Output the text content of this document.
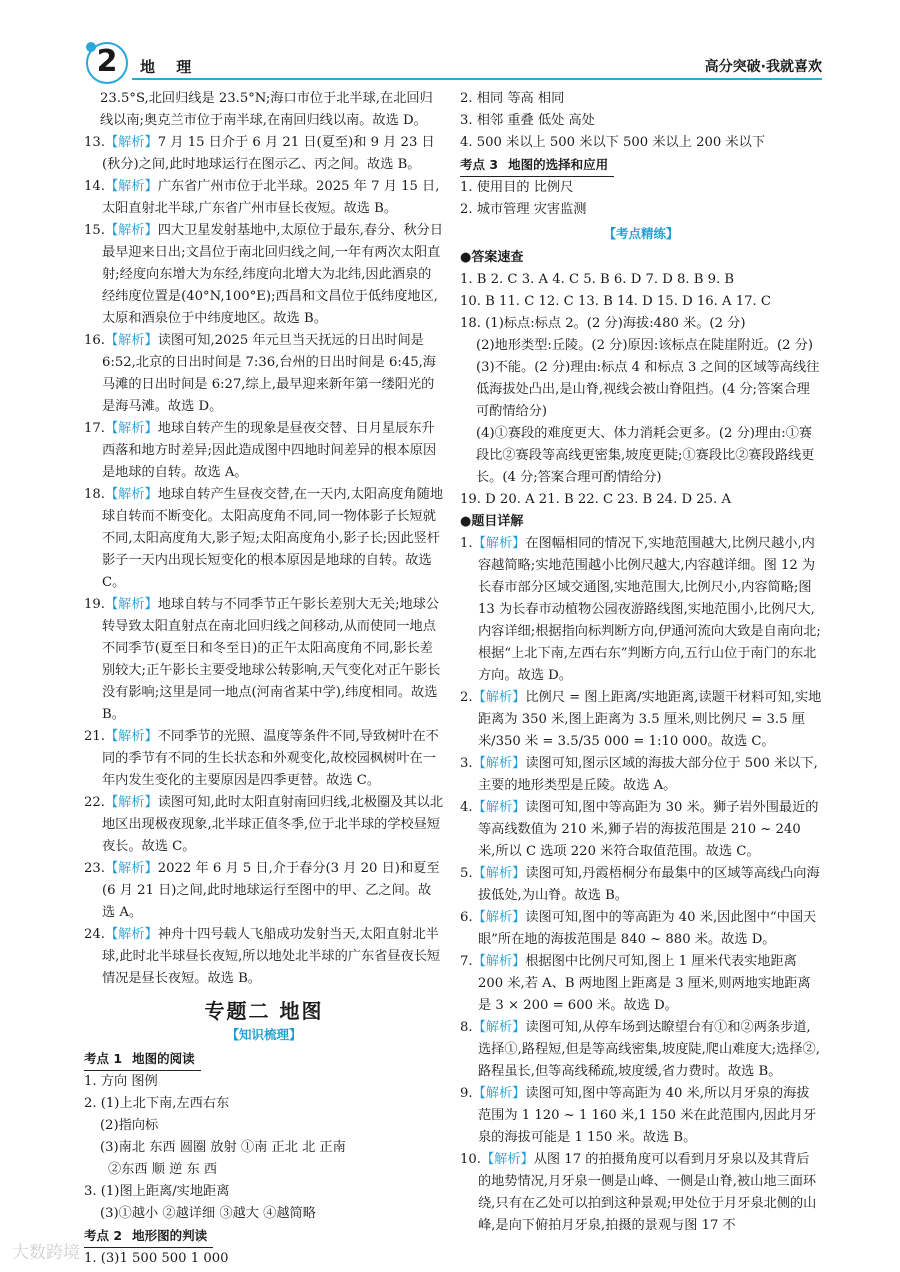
2	地 理	高分突破·我就喜欢
23.5°S,北回归线是 23.5°N;海口市位于北半球,在北回归线以南;奥克兰市位于南半球,在南回归线以南。故选 D。
13.【解析】7 月 15 日介于 6 月 21 日(夏至)和 9 月 23 日(秋分)之间,此时地球运行在图示乙、丙之间。故选 B。
14.【解析】广东省广州市位于北半球。2025 年 7 月 15 日,太阳直射北半球,广东省广州市昼长夜短。故选 B。
15.【解析】四大卫星发射基地中,太原位于最东,春分、秋分日最早迎来日出;文昌位于南北回归线之间,一年有两次太阳直射;经度向东增大为东经,纬度向北增大为北纬,因此酒泉的经纬度位置是(40°N,100°E);西昌和文昌位于低纬度地区,太原和酒泉位于中纬度地区。故选 B。
16.【解析】读图可知,2025 年元旦当天抚远的日出时间是6:52,北京的日出时间是 7:36,台州的日出时间是 6:45,海马滩的日出时间是 6:27,综上,最早迎来新年第一缕阳光的是海马滩。故选 D。
17.【解析】地球自转产生的现象是昼夜交替、日月星辰东升西落和地方时差异;因此造成图中四地时间差异的根本原因是地球的自转。故选 A。
18.【解析】地球自转产生昼夜交替,在一天内,太阳高度角随地球自转而不断变化。太阳高度角不同,同一物体影子长短就不同,太阳高度角大,影子短;太阳高度角小,影子长;因此竖杆影子一天内出现长短变化的根本原因是地球的自转。故选 C。
19.【解析】地球自转与不同季节正午影长差别大无关;地球公转导致太阳直射点在南北回归线之间移动,从而使同一地点不同季节(夏至日和冬至日)的正午太阳高度角不同,影长差别较大;正午影长主要受地球公转影响,天气变化对正午影长没有影响;这里是同一地点(河南省某中学),纬度相同。故选 B。
21.【解析】不同季节的光照、温度等条件不同,导致树叶在不同的季节有不同的生长状态和外观变化,故校园枫树叶在一年内发生变化的主要原因是四季更替。故选 C。
22.【解析】读图可知,此时太阳直射南回归线,北极圈及其以北地区出现极夜现象,北半球正值冬季,位于北半球的学校昼短夜长。故选 C。
23.【解析】2022 年 6 月 5 日,介于春分(3 月 20 日)和夏至(6 月 21 日)之间,此时地球运行至图中的甲、乙之间。故选 A。
24.【解析】神舟十四号载人飞船成功发射当天,太阳直射北半球,此时北半球昼长夜短,所以地处北半球的广东省昼夜长短情况是昼长夜短。故选 B。
专题二 地图
【知识梳理】
考点 1 地图的阅读
1. 方向 图例
2. (1)上北下南,左西右东
(2)指向标
(3)南北 东西 圆圈 放射 ①南 正北 北 正南
②东西 顺 逆 东 西
3. (1)图上距离/实地距离
(3)①越小 ②越详细 ③越大 ④越简略
考点 2 地形图的判读
1. (3)1 500 500 1 000
2. 相同 等高 相同
3. 相邻 重叠 低处 高处
4. 500 米以上 500 米以下 500 米以上 200 米以下
考点 3 地图的选择和应用
1. 使用目的 比例尺
2. 城市管理 灾害监测
【考点精练】
●答案速查
1. B 2. C 3. A 4. C 5. B 6. D 7. D 8. B 9. B
10. B 11. C 12. C 13. B 14. D 15. D 16. A 17. C
18. (1)标点:标点 2。(2 分)海拔:480 米。(2 分)
(2)地形类型:丘陵。(2 分)原因:该标点在陡崖附近。(2 分)
(3)不能。(2 分)理由:标点 4 和标点 3 之间的区域等高线往低海拔处凸出,是山脊,视线会被山脊阻挡。(4 分;答案合理可酌情给分)
(4)①赛段的难度更大、体力消耗会更多。(2 分)理由:①赛段比②赛段等高线更密集,坡度更陡;①赛段比②赛段路线更长。(4 分;答案合理可酌情给分)
19. D 20. A 21. B 22. C 23. B 24. D 25. A
●题目详解
1.【解析】在图幅相同的情况下,实地范围越大,比例尺越小,内容越简略;实地范围越小比例尺越大,内容越详细。图 12 为长春市部分区域交通图,实地范围大,比例尺小,内容简略;图 13 为长春市动植物公园夜游路线图,实地范围小,比例尺大,内容详细;根据指向标判断方向,伊通河流向大致是自南向北;根据“上北下南,左西右东”判断方向,五行山位于南门的东北方向。故选 D。
2.【解析】比例尺 = 图上距离/实地距离,读题干材料可知,实地距离为 350 米,图上距离为 3.5 厘米,则比例尺 = 3.5 厘米/350 米 = 3.5/35 000 = 1:10 000。故选 C。
3.【解析】读图可知,图示区域的海拔大部分位于 500 米以下,主要的地形类型是丘陵。故选 A。
4.【解析】读图可知,图中等高距为 30 米。狮子岩外围最近的等高线数值为 210 米,狮子岩的海拔范围是 210 ~ 240 米,所以 C 选项 220 米符合取值范围。故选 C。
5.【解析】读图可知,丹霞梧桐分布最集中的区域等高线凸向海拔低处,为山脊。故选 B。
6.【解析】读图可知,图中的等高距为 40 米,因此图中“中国天眼”所在地的海拔范围是 840 ~ 880 米。故选 D。
7.【解析】根据图中比例尺可知,图上 1 厘米代表实地距离 200 米,若 A、B 两地图上距离是 3 厘米,则两地实地距离是 3 × 200 = 600 米。故选 D。
8.【解析】读图可知,从停车场到达瞭望台有①和②两条步道,选择①,路程短,但是等高线密集,坡度陡,爬山难度大;选择②,路程虽长,但等高线稀疏,坡度缓,省力费时。故选 B。
9.【解析】读图可知,图中等高距为 40 米,所以月牙泉的海拔范围为 1 120 ~ 1 160 米,1 150 米在此范围内,因此月牙泉的海拔可能是 1 150 米。故选 B。
10.【解析】从图 17 的拍摄角度可以看到月牙泉以及其背后的地势情况,月牙泉一侧是山峰、一侧是山脊,被山地三面环绕,只有在乙处可以拍到这种景观;甲处位于月牙泉北侧的山峰,是向下俯拍月牙泉,拍摄的景观与图 17 不
大数跨境
